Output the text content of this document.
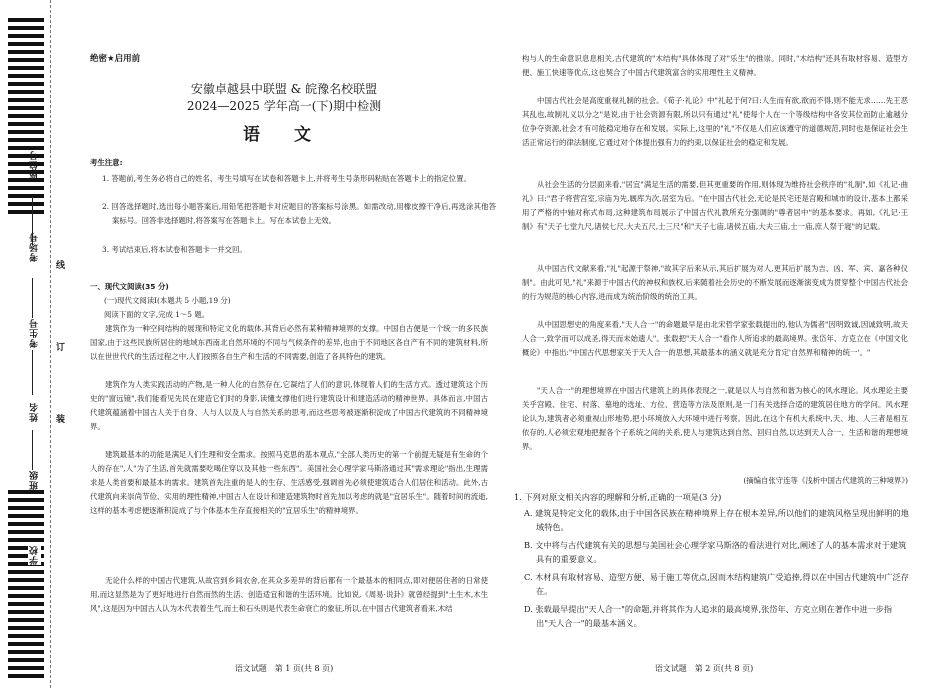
座位号
考场号
考生号
姓名
班级
学校
线
订
装
绝密★启用前
安徽卓越县中联盟 & 皖豫名校联盟
2024—2025 学年高一(下)期中检测
语 文
考生注意:
1. 答题前,考生务必将自己的姓名、考生号填写在试卷和答题卡上,并将考生号条形码粘贴在答题卡上的指定位置。
2. 回答选择题时,选出每小题答案后,用铅笔把答题卡对应题目的答案标号涂黑。如需改动,用橡皮擦干净后,再选涂其他答案标号。回答非选择题时,将答案写在答题卡上。写在本试卷上无效。
3. 考试结束后,将本试卷和答题卡一并交回。
一、现代文阅读(35 分)
(一)现代文阅读Ⅰ(本题共 5 小题,19 分)
阅读下面的文字,完成 1～5 题。
建筑作为一种空间结构的展现和特定文化的载体,其背后必然有某种精神境界的支撑。中国自古便是一个统一的多民族国家,由于这些民族所居住的地域东西南北自然环境的不同与气候条件的差异,也由于不同地区各自产有不同的建筑材料,所以在世世代代的生活过程之中,人们按照各自生产和生活的不同需要,创造了各具特色的建筑。
建筑作为人类实践活动的产物,是一种人化的自然存在,它凝结了人们的意识,体现着人们的生活方式。透过建筑这个历史的"窗远镜",我们能看见先民在建造它们时的身影,读懂支撑他们进行建筑设计和建造活动的精神世界。具体而言,中国古代建筑蕴涵着中国古人关于自身、人与人以及人与自然关系的思考,而这些思考被逐渐积淀成了中国古代建筑的不同精神境界。
建筑最基本的功能是满足人们生理和安全需求。按照马克思的基本观点,"全部人类历史的第一个前提无疑是有生命的个人的存在",人"为了生活,首先就需要吃喝住穿以及其他一些东西"。美国社会心理学家马斯洛通过其"需求理论"指出,生理需求是人类首要和最基本的需求。建筑首先注重的是人的生存、生活感受,强调首先必须使建筑适合人们居住和活动。此外,古代建筑向来崇尚节俭、实用的理性精神,中国古人在设计和建造建筑物时首先加以考虑的就是"宜居乐生"。随着时间的流逝,这样的基本考虑便逐渐积淀成了与个体基本生存直接相关的"宜居乐生"的精神境界。
无论什么样的中国古代建筑,从故宫到乡间农舍,在其众多差异的背后都有一个最基本的相同点,即对便居住者的日常使用,而这显然是为了更好地进行自然而然的生活、创造适宜和谐的生活环境。比如说,《周易·说卦》就曾经提到"土生木,木生风",这是因为中国古人认为木代表着生气,而土和石头则是代表生命衰亡的象征,所以,在中国古代建筑者看来,木结
语文试题　第 1 页(共 8 页)
构与人的生命意识息息相关,古代建筑的"木结构"具体体现了对"乐生"的推崇。同时,"木结构"还具有取材容易、造型方便、施工快速等优点,这也契合了中国古代建筑富含的实用理性主义精神。
中国古代社会是高度重视礼制的社会。《荀子·礼论》中"礼起于何?曰:人生而有欲,欲而不得,则不能无求……先王恶其乱也,故制礼义以分之"是说,由于社会资源有限,所以只有通过"礼"使每个人在一个等级结构中各安其位而防止逾越分位争夺资源,社会才有可能稳定地存在和发展。实际上,这里的"礼"不仅是人们应该遵守的道德规范,同时也是保证社会生活正常运行的律法制度,它通过对个体提出强有力的约束,以保证社会的稳定和发展。
从社会生活的分层面来看,"居宜"满足生活的需要,但其更重要的作用,则体现为维持社会秩序的"礼制",如《礼记·曲礼》曰:"君子将营宫室,宗庙为先,厩库为次,居室为后。"在中国古代社会,无论是民宅还是宫殿和城市的设计,基本上都采用了严格的中轴对称式布局,这种建筑布局展示了中国古代礼教所充分强调的"尊者居中"的基本要求。再如,《礼记·王制》有"天子七堂九尺,诸侯七尺,大夫五尺,士三尺"和"天子七庙,诸侯五庙,大夫三庙,士一庙,庶人祭于寝"的记载。
从中国古代文献来看,"礼"起源于祭神,"故其字后来从示,其后扩展为对人,更其后扩展为吉、凶、军、宾、嘉各种仪制"。由此可见,"礼"来源于中国古代的神权和族权,后来随着社会历史的不断发展而逐渐演变成为贯穿整个中国古代社会的行为规范的核心内容,进而成为统治阶级的统治工具。
从中国思想史的角度来看,"天人合一"的命题最早是由北宋哲学家张载提出的,他认为儒者"因明致诚,因诚致明,故天人合一,致学而可以成圣,得天而未始遗人"。张载把"天人合一"看作人所追求的最高境界。张岱年、方克立在《中国文化概论》中指出:"中国古代思想家关于天人合一的思想,其最基本的涵义就是充分肯定'自然界和精神的统一'。"
"天人合一"的理想境界在中国古代建筑上的具体表现之一,就是以人与自然和谐为核心的风水理论。风水理论主要关乎宫殿、住宅、村落、墓地的选址、方位、营造等方法及原则,是一门有关选择合适的建筑居住地方的学问。风水理论认为,建筑者必须重视山形地势,把小环境放入大环境中进行考察。因此,在这个有机大系统中,天、地、人三者是相互依存的,人必须宏观地把握各个子系统之间的关系,使人与建筑达到自然、回归自然,以达到天人合一、生活和谐的理想境界。
(摘编自张守连等《浅析中国古代建筑的三种境界》)
1. 下列对原文相关内容的理解和分析,正确的一项是(3 分)
A. 建筑是特定文化的载体,由于中国各民族在精神境界上存在根本差异,所以他们的建筑风格呈现出鲜明的地域特色。
B. 文中将与古代建筑有关的思想与美国社会心理学家马斯洛的看法进行对比,阐述了人的基本需求对于建筑具有的重要意义。
C. 木材具有取材容易、造型方便、易于施工等优点,因而木结构建筑广受追捧,得以在中国古代建筑中广泛存在。
D. 张载最早提出"天人合一"的命题,并将其作为人追求的最高境界,张岱年、方克立则在著作中进一步指出"天人合一"的最基本涵义。
语文试题　第 2 页(共 8 页)
